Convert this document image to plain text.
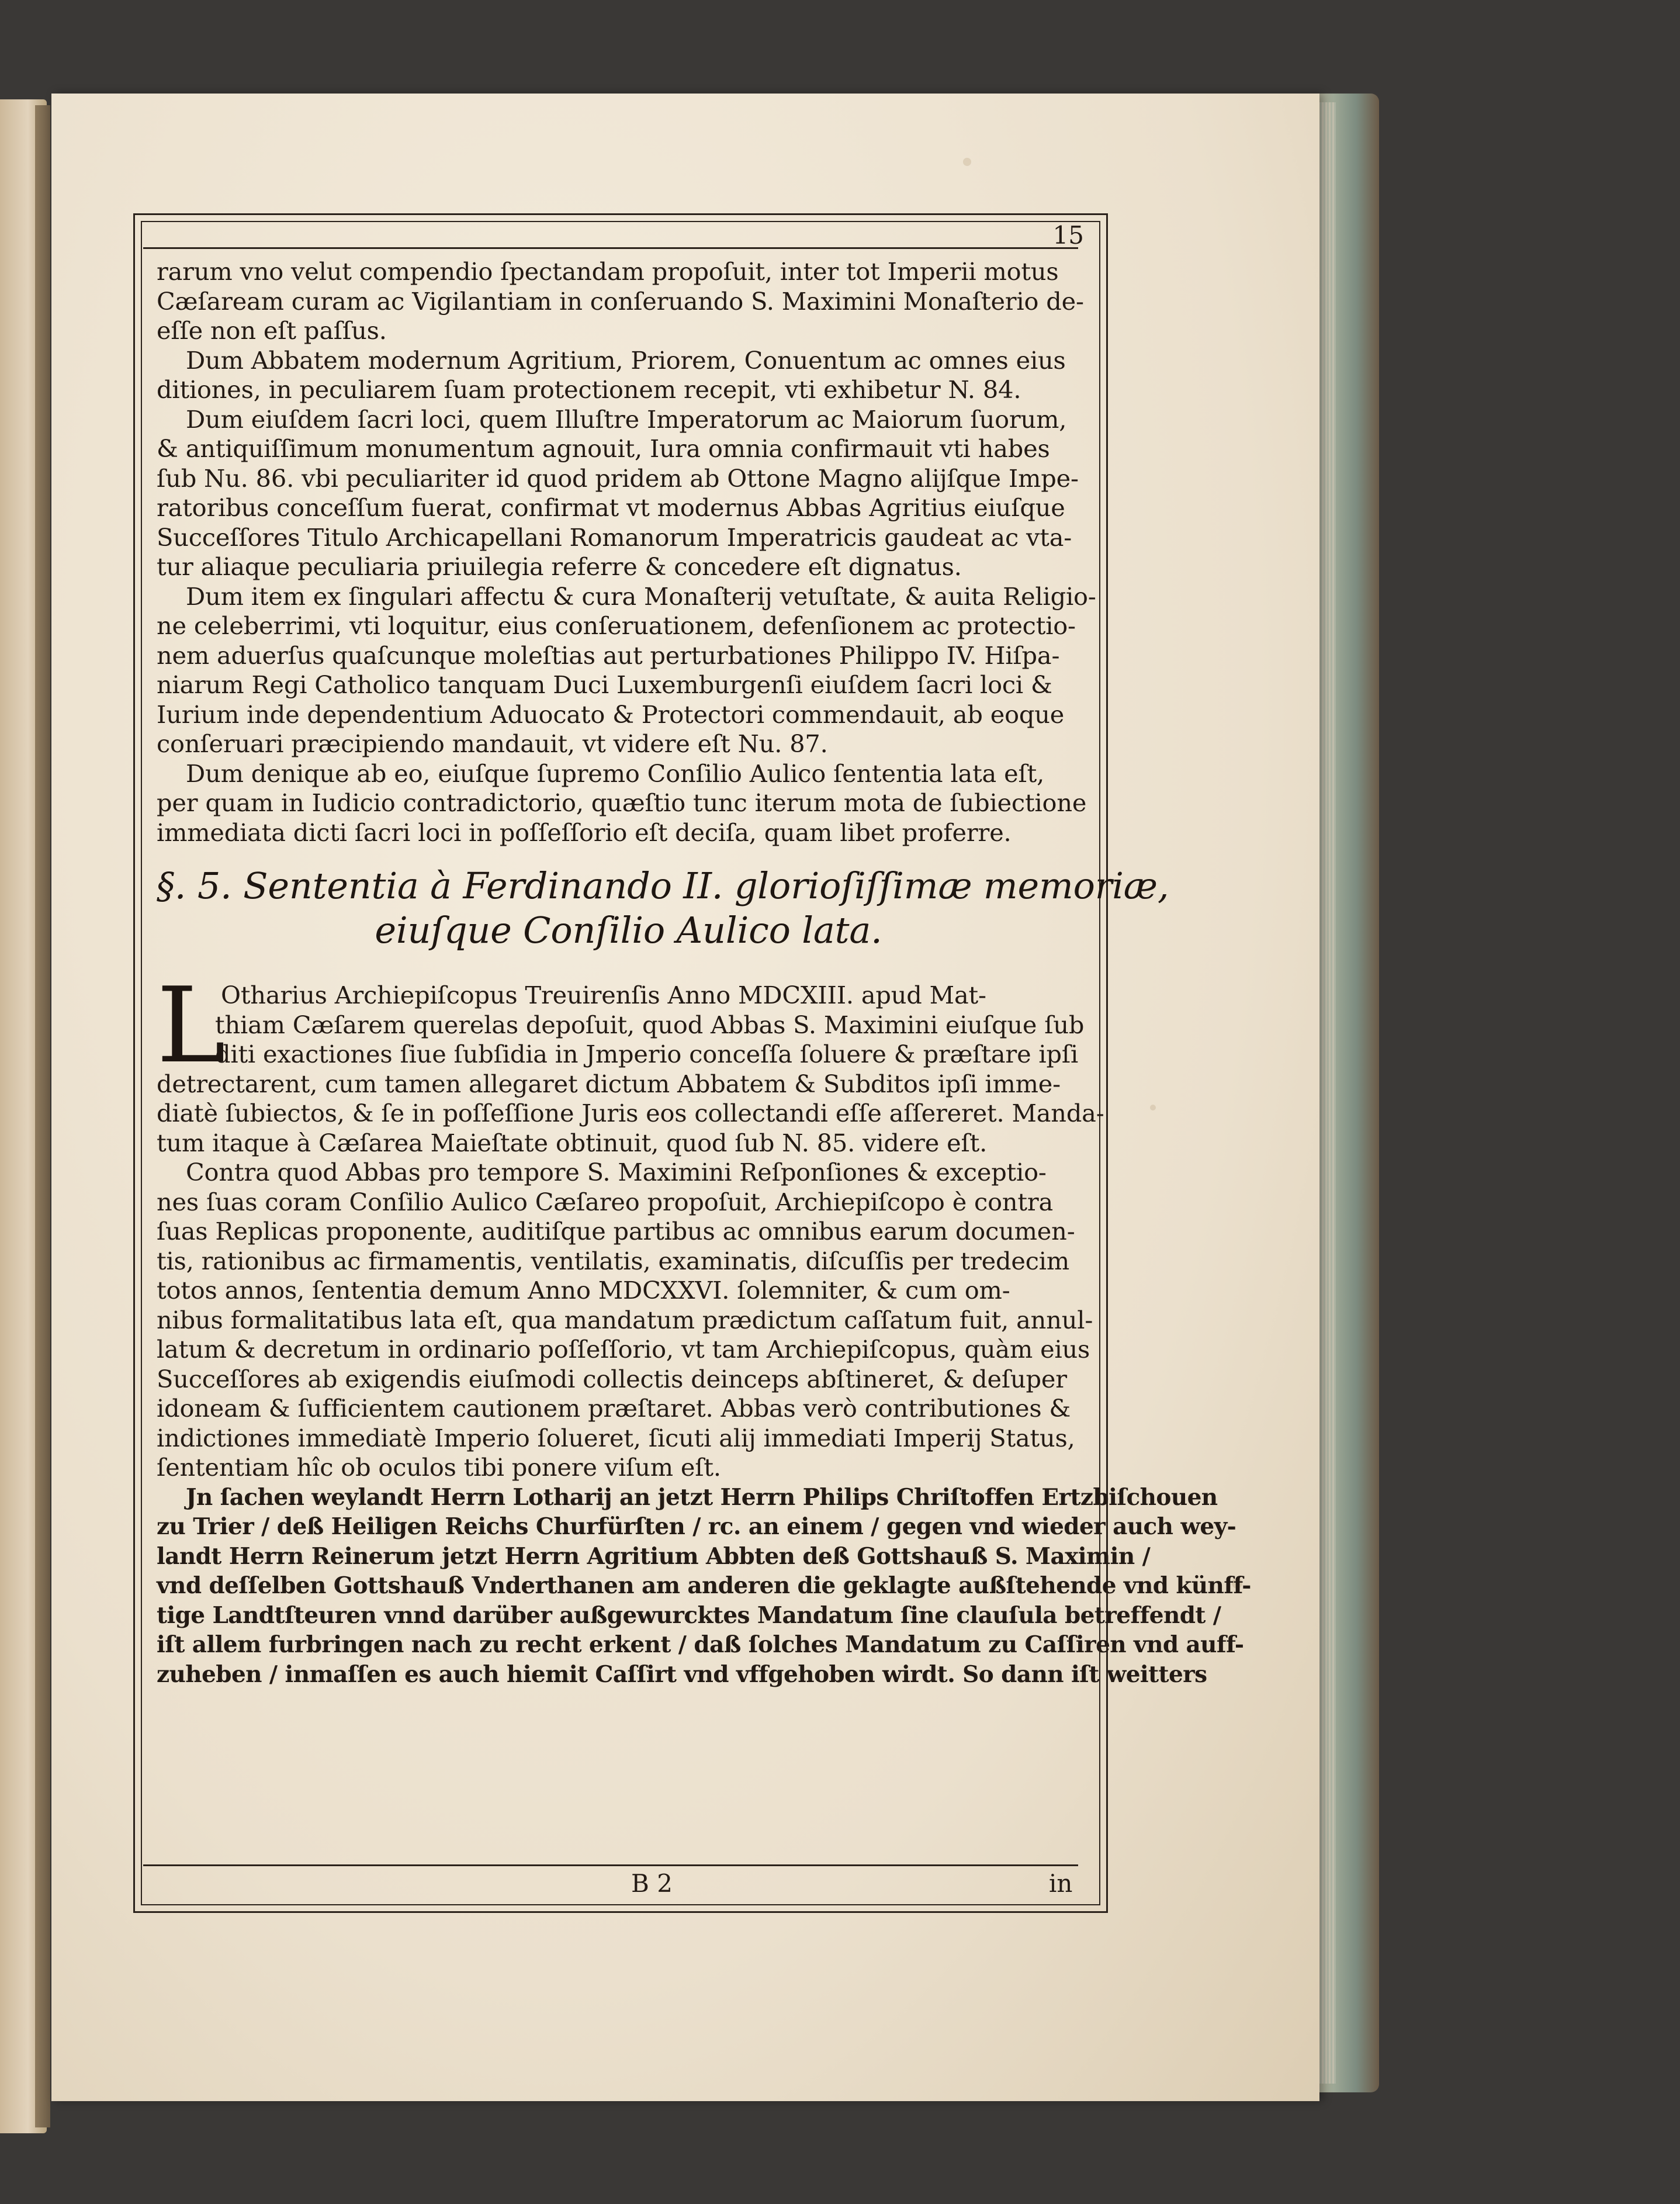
15
rarum vno velut compendio ſpectandam propoſuit, inter tot Imperii motus
Cæſaream curam ac Vigilantiam in conſeruando S. Maximini Monaſterio de-
eſſe non eſt paſſus.
Dum Abbatem modernum Agritium, Priorem, Conuentum ac omnes eius
ditiones, in peculiarem ſuam protectionem recepit, vti exhibetur N. 84.
Dum eiuſdem ſacri loci, quem Illuſtre Imperatorum ac Maiorum ſuorum,
& antiquiſſimum monumentum agnouit, Iura omnia confirmauit vti habes
ſub Nu. 86. vbi peculiariter id quod pridem ab Ottone Magno alijſque Impe-
ratoribus conceſſum fuerat, confirmat vt modernus Abbas Agritius eiuſque
Succeſſores Titulo Archicapellani Romanorum Imperatricis gaudeat ac vta-
tur aliaque peculiaria priuilegia referre & concedere eſt dignatus.
Dum item ex ſingulari affectu & cura Monaſterij vetuſtate, & auita Religio-
ne celeberrimi, vti loquitur, eius conſeruationem, defenſionem ac protectio-
nem aduerſus quaſcunque moleſtias aut perturbationes Philippo IV. Hiſpa-
niarum Regi Catholico tanquam Duci Luxemburgenſi eiuſdem ſacri loci &
Iurium inde dependentium Aduocato & Protectori commendauit, ab eoque
conſeruari præcipiendo mandauit, vt videre eſt Nu. 87.
Dum denique ab eo, eiuſque ſupremo Conſilio Aulico ſententia lata eſt,
per quam in Iudicio contradictorio, quæſtio tunc iterum mota de ſubiectione
immediata dicti ſacri loci in poſſeſſorio eſt deciſa, quam libet proferre.
§. 5. Sententia à Ferdinando II. glorioſiſſimæ memoriæ,
eiuſque Conſilio Aulico lata.
L
Otharius Archiepiſcopus Treuirenſis Anno MDCXIII. apud Mat-
thiam Cæſarem querelas depoſuit, quod Abbas S. Maximini eiuſque ſub
diti exactiones ſiue ſubſidia in Jmperio conceſſa ſoluere & præſtare ipſi
detrectarent, cum tamen allegaret dictum Abbatem & Subditos ipſi imme-
diatè ſubiectos, & ſe in poſſeſſione Juris eos collectandi eſſe aſſereret. Manda-
tum itaque à Cæſarea Maieſtate obtinuit, quod ſub N. 85. videre eſt.
Contra quod Abbas pro tempore S. Maximini Reſponſiones & exceptio-
nes ſuas coram Conſilio Aulico Cæſareo propoſuit, Archiepiſcopo è contra
ſuas Replicas proponente, auditiſque partibus ac omnibus earum documen-
tis, rationibus ac firmamentis, ventilatis, examinatis, diſcuſſis per tredecim
totos annos, ſententia demum Anno MDCXXVI. ſolemniter, & cum om-
nibus formalitatibus lata eſt, qua mandatum prædictum caſſatum fuit, annul-
latum & decretum in ordinario poſſeſſorio, vt tam Archiepiſcopus, quàm eius
Succeſſores ab exigendis eiuſmodi collectis deinceps abſtineret, & deſuper
idoneam & ſufficientem cautionem præſtaret. Abbas verò contributiones &
indictiones immediatè Imperio ſolueret, ſicuti alij immediati Imperij Status,
ſententiam hîc ob oculos tibi ponere viſum eſt.
Jn ſachen weylandt Herrn Lotharij an jetzt Herrn Philips Chriſtoffen Ertzbiſchouen
zu Trier / deß Heiligen Reichs Churfürſten / rc. an einem / gegen vnd wieder auch wey-
landt Herrn Reinerum jetzt Herrn Agritium Abbten deß Gottshauß S. Maximin /
vnd deſſelben Gottshauß Vnderthanen am anderen die geklagte außſtehende vnd künff-
tige Landtſteuren vnnd darüber außgewurcktes Mandatum ſine clauſula betreffendt /
iſt allem furbringen nach zu recht erkent / daß ſolches Mandatum zu Caſſiren vnd auff-
zuheben / inmaſſen es auch hiemit Caſſirt vnd vffgehoben wirdt. So dann iſt weitters
B 2	in
